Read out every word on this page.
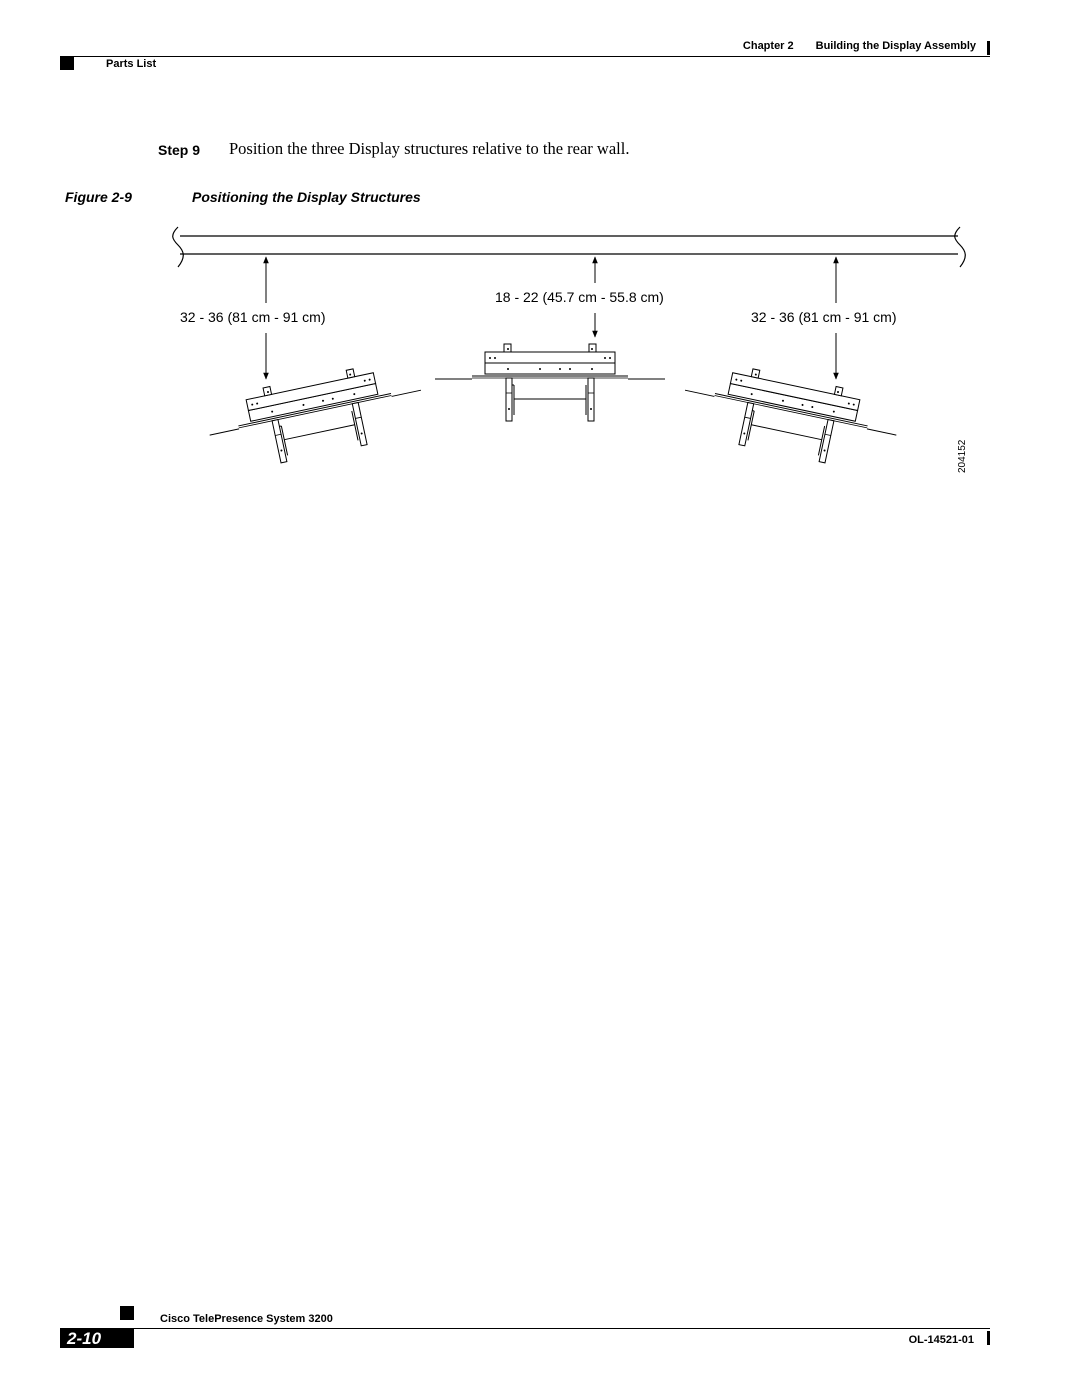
Chapter 2  Building the Display Assembly
Parts List
Step 9 Position the three Display structures relative to the rear wall.
Figure 2-9	Positioning the Display Structures
32 - 36 (81 cm - 91 cm)
18 - 22 (45.7 cm - 55.8 cm)
32 - 36 (81 cm - 91 cm)
204152
Cisco TelePresence System 3200
2-10	OL-14521-01
